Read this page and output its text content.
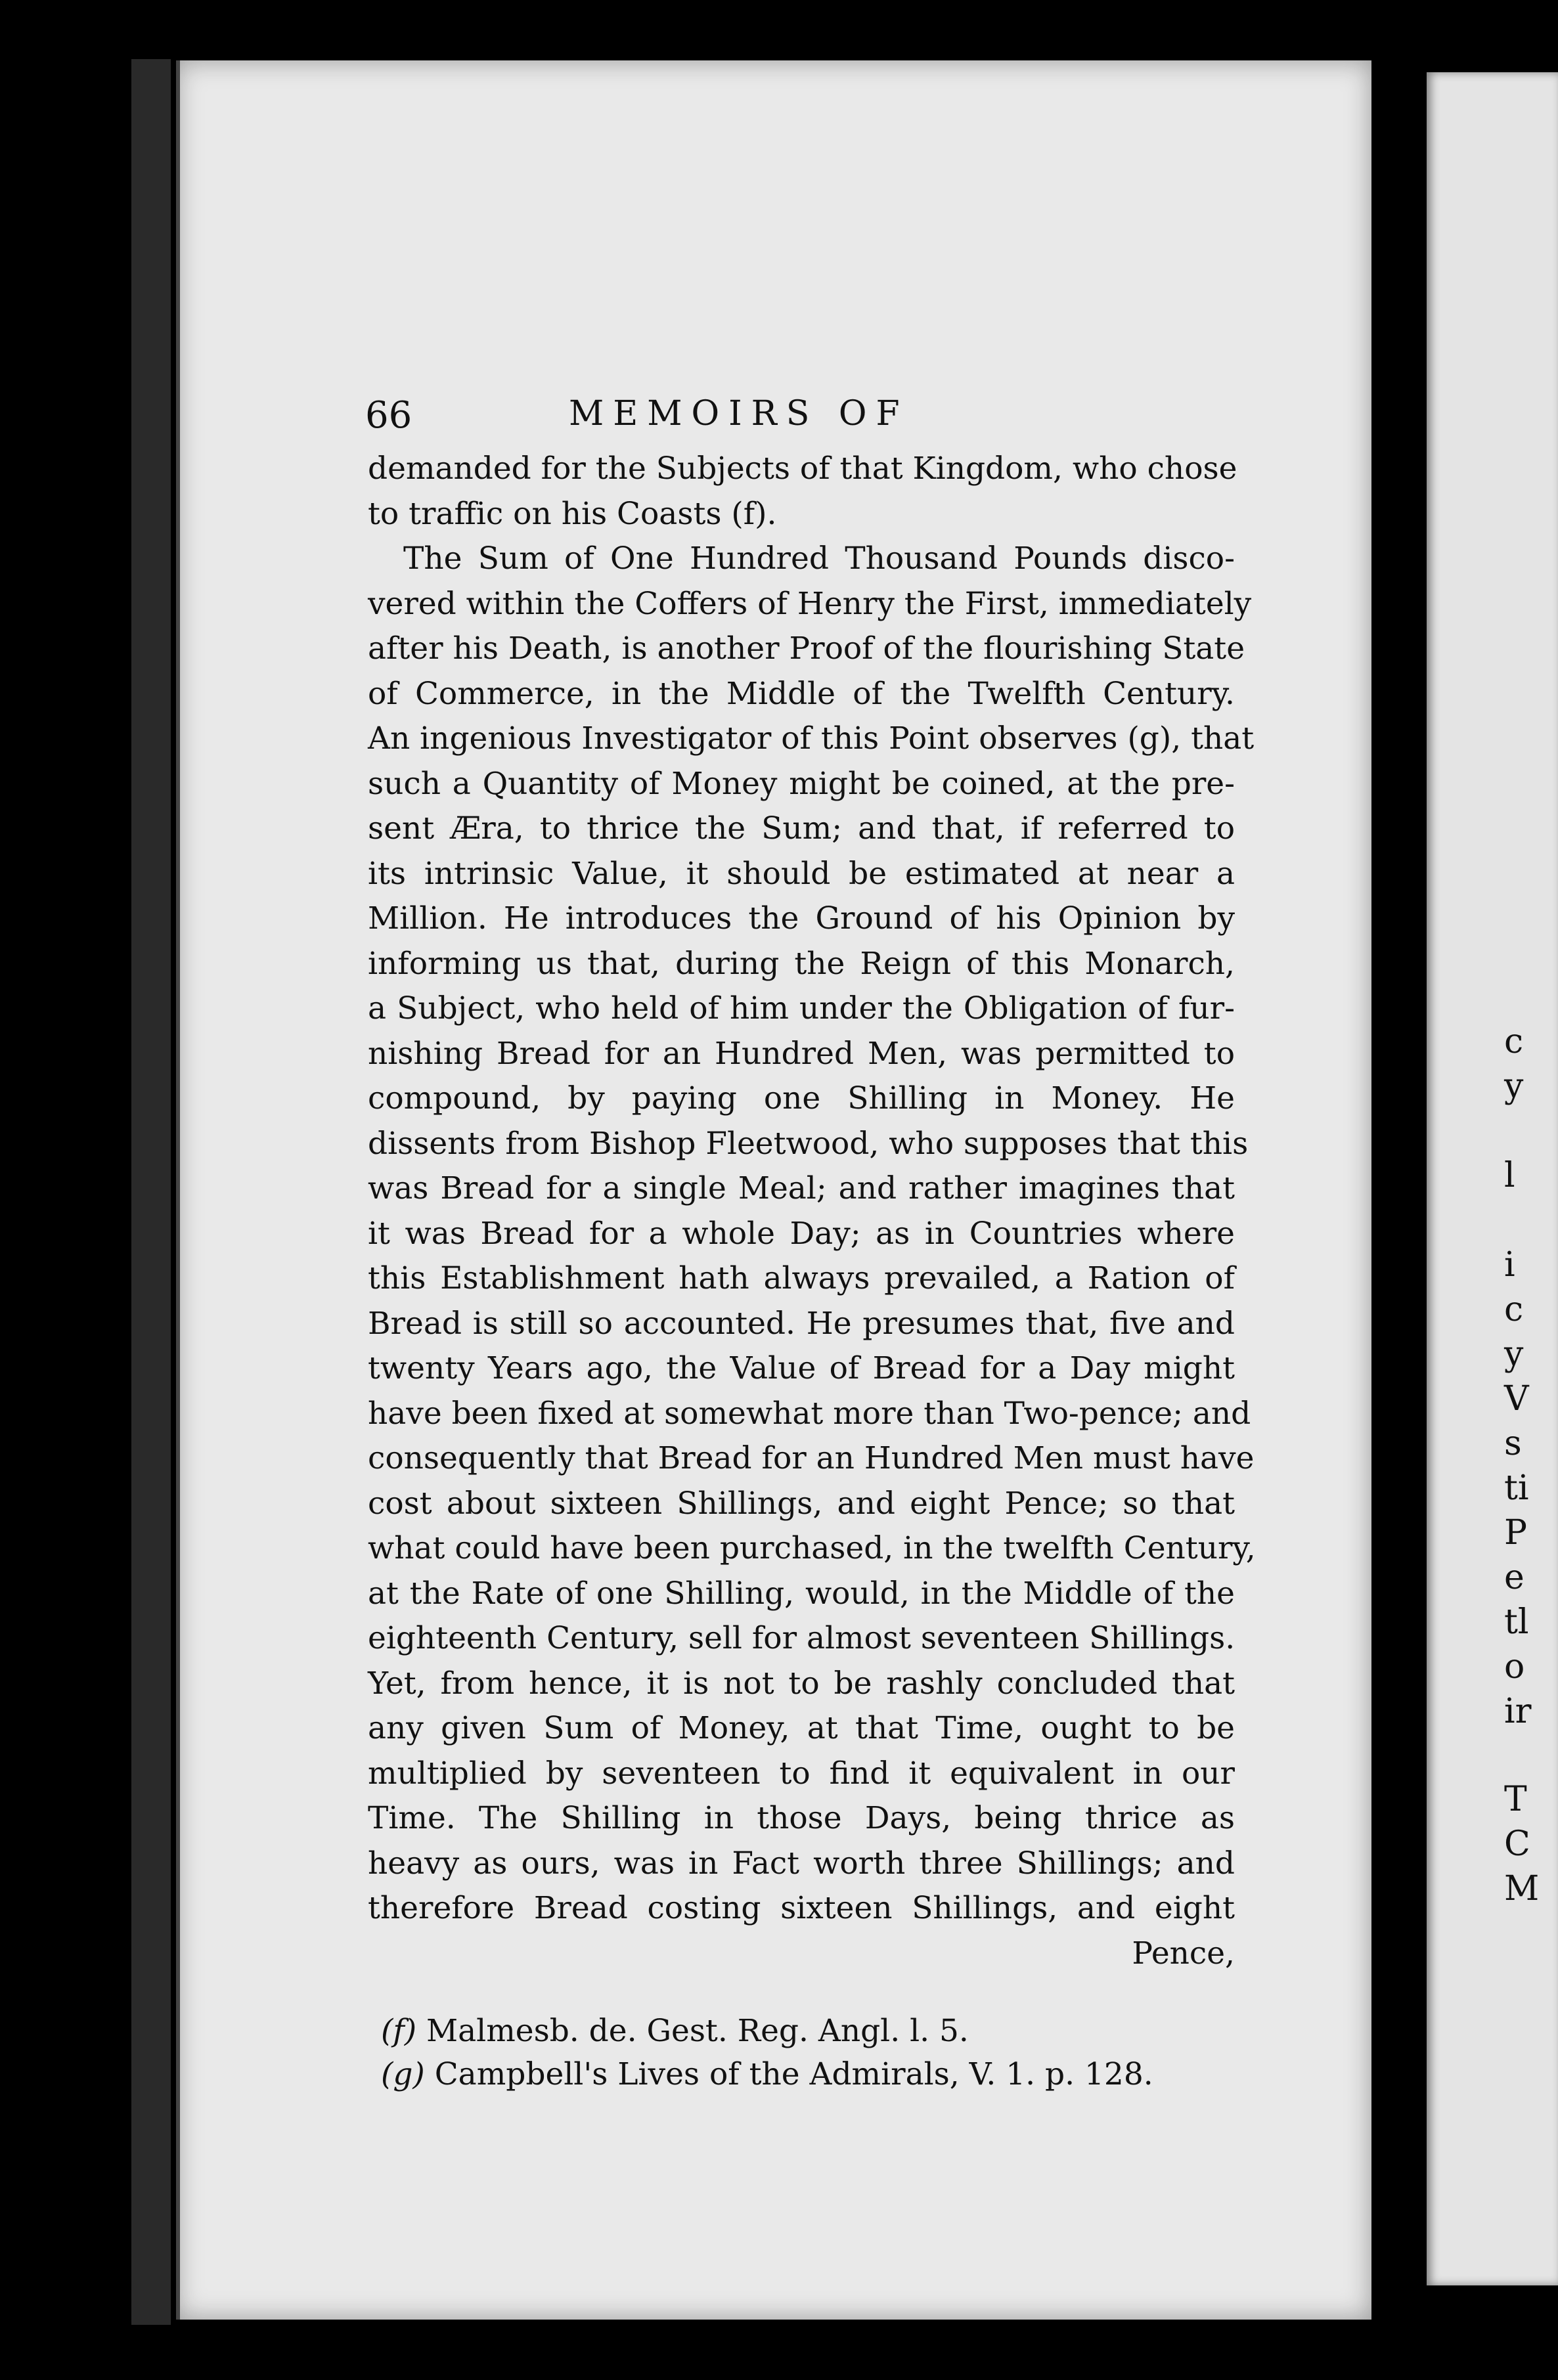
66	MEMOIRS OF
demanded for the Subjects of that Kingdom, who chose
to traffic on his Coasts (f).
The Sum of One Hundred Thousand Pounds disco-
vered within the Coffers of Henry the First, immediately
after his Death, is another Proof of the flourishing State
of Commerce, in the Middle of the Twelfth Century.
An ingenious Investigator of this Point observes (g), that
such a Quantity of Money might be coined, at the pre-
sent Æra, to thrice the Sum; and that, if referred to
its intrinsic Value, it should be estimated at near a
Million. He introduces the Ground of his Opinion by
informing us that, during the Reign of this Monarch,
a Subject, who held of him under the Obligation of fur-
nishing Bread for an Hundred Men, was permitted to
compound, by paying one Shilling in Money. He
dissents from Bishop Fleetwood, who supposes that this
was Bread for a single Meal; and rather imagines that
it was Bread for a whole Day; as in Countries where
this Establishment hath always prevailed, a Ration of
Bread is still so accounted. He presumes that, five and
twenty Years ago, the Value of Bread for a Day might
have been fixed at somewhat more than Two-pence; and
consequently that Bread for an Hundred Men must have
cost about sixteen Shillings, and eight Pence; so that
what could have been purchased, in the twelfth Century,
at the Rate of one Shilling, would, in the Middle of the
eighteenth Century, sell for almost seventeen Shillings.
Yet, from hence, it is not to be rashly concluded that
any given Sum of Money, at that Time, ought to be
multiplied by seventeen to find it equivalent in our
Time. The Shilling in those Days, being thrice as
heavy as ours, was in Fact worth three Shillings; and
therefore Bread costing sixteen Shillings, and eight
Pence,
(f) Malmesb. de. Gest. Reg. Angl. l. 5.
(g) Campbell's Lives of the Admirals, V. 1. p. 128.
c
y
l
i
c
y
V
s
ti
P
e
tl
o
ir
T
C
M
